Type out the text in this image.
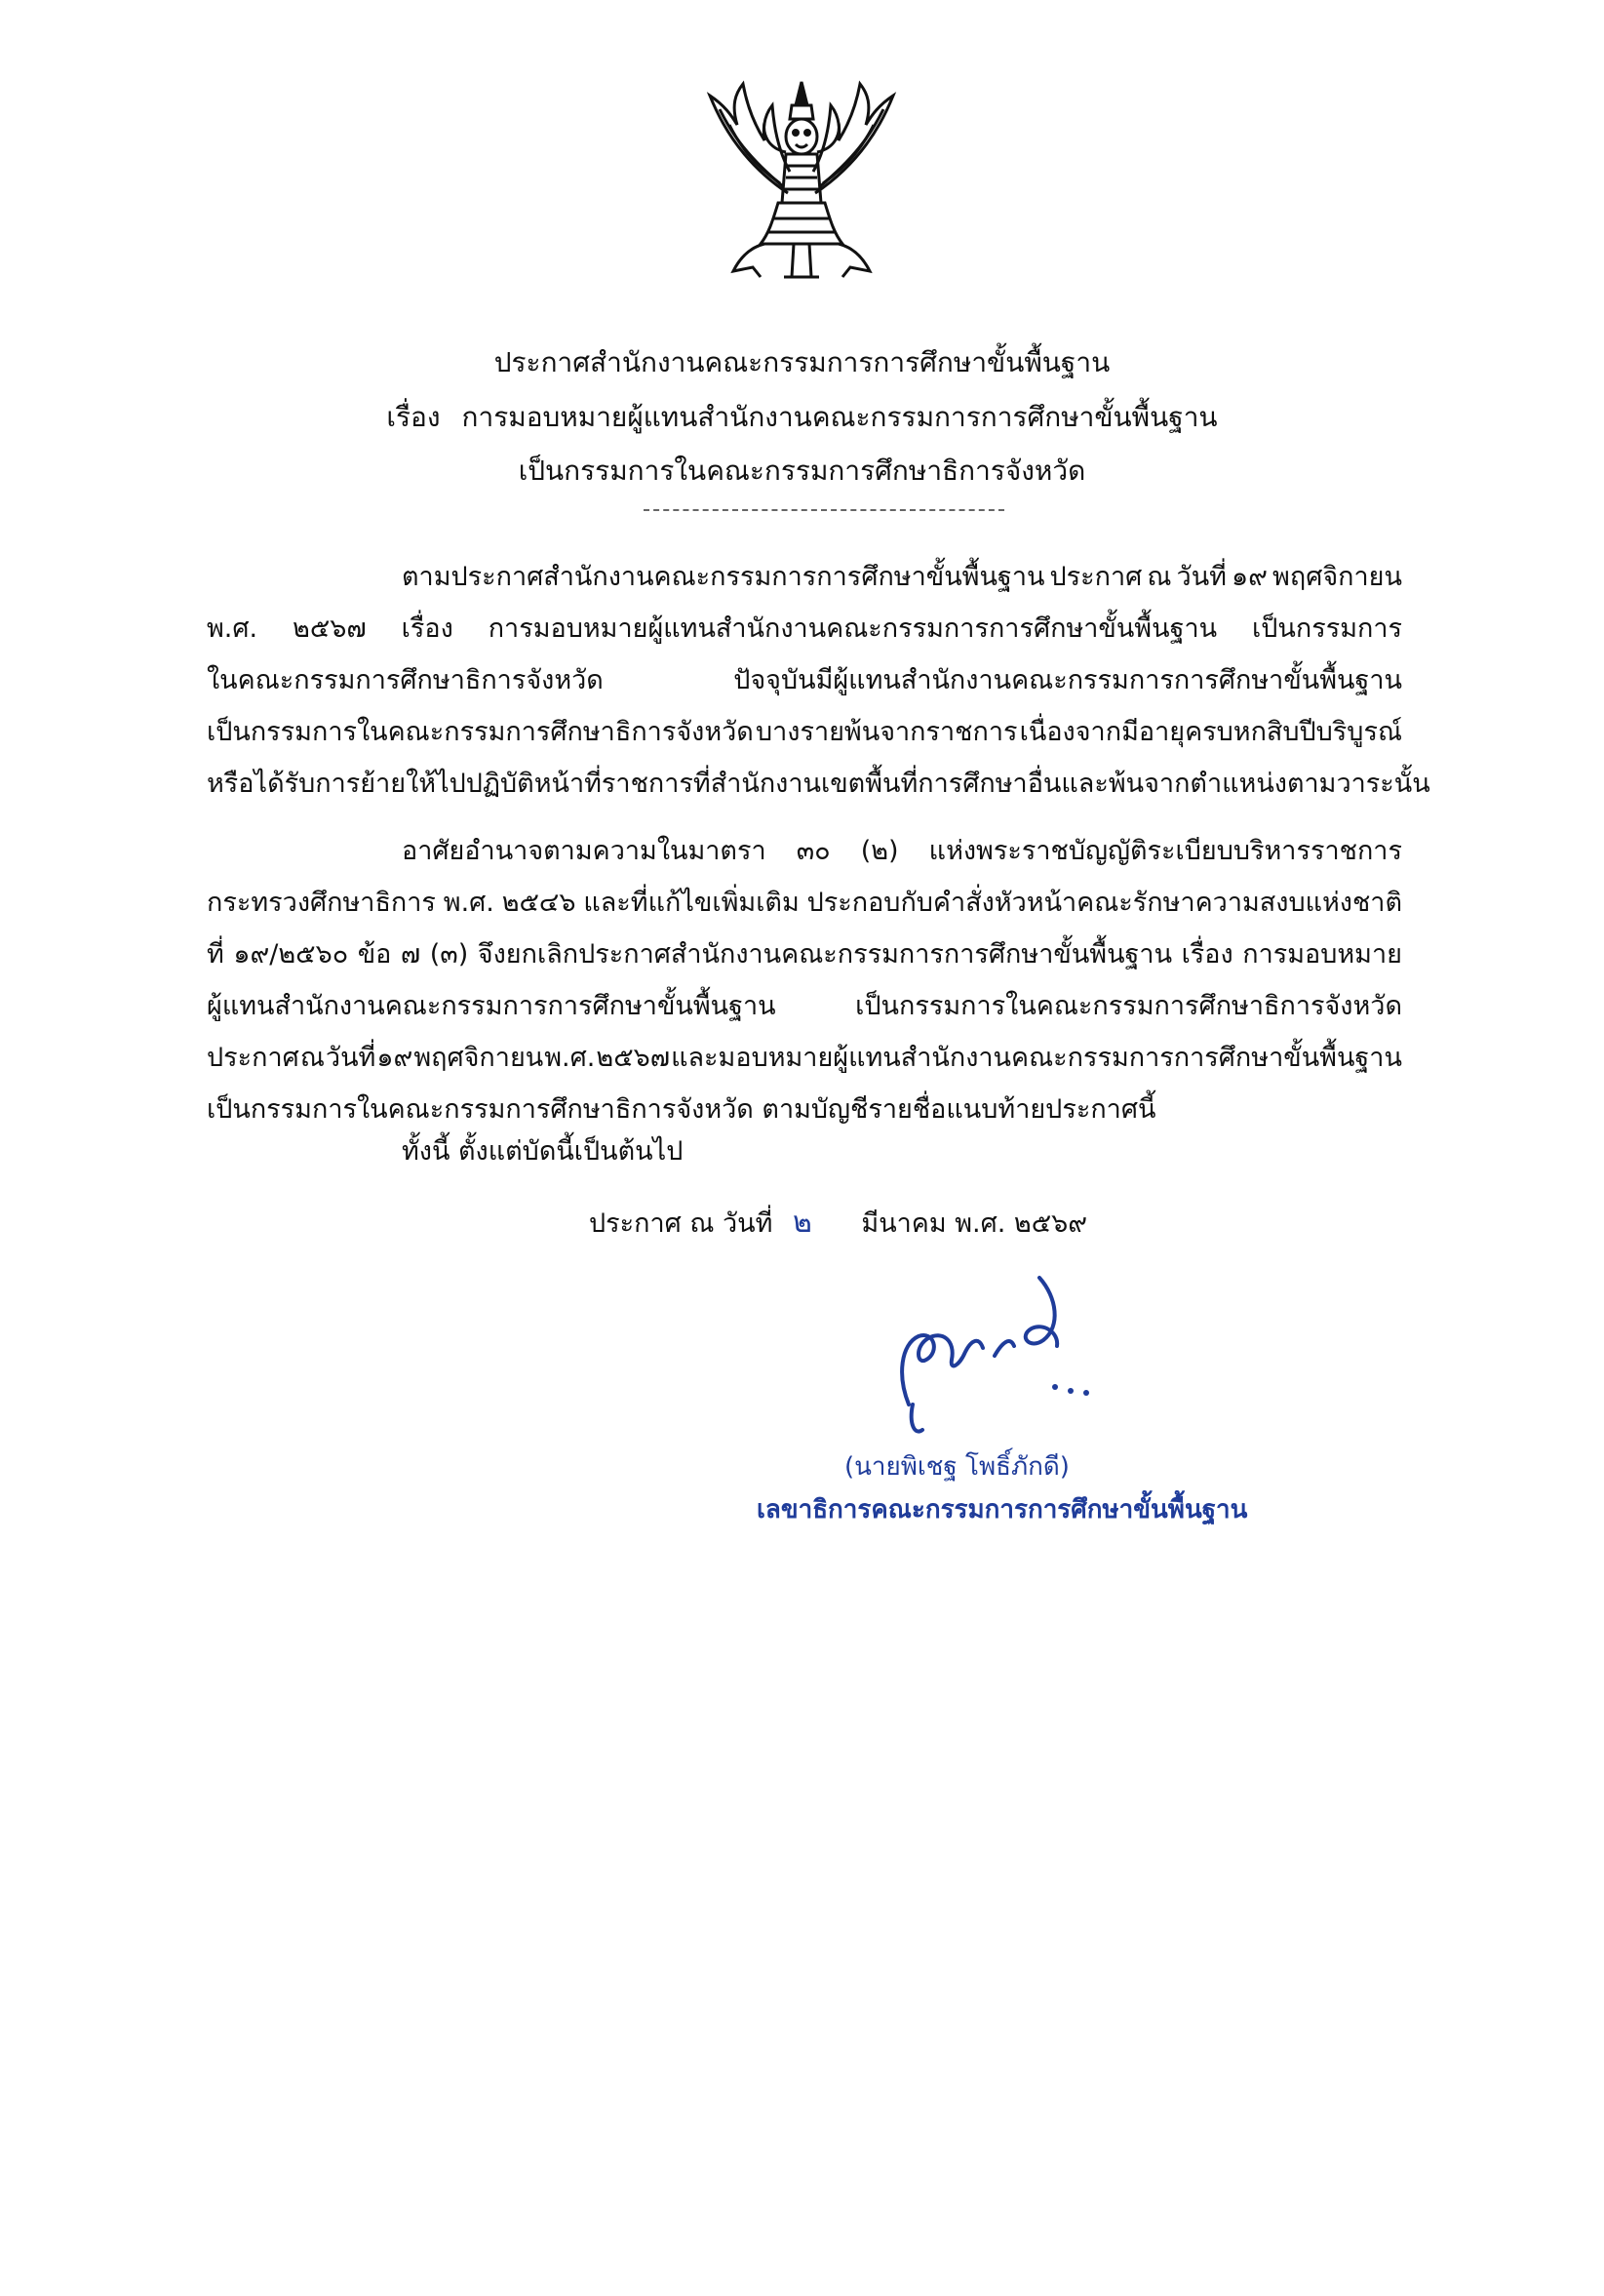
ประกาศสำนักงานคณะกรรมการการศึกษาขั้นพื้นฐาน
เรื่อง การมอบหมายผู้แทนสำนักงานคณะกรรมการการศึกษาขั้นพื้นฐาน
เป็นกรรมการในคณะกรรมการศึกษาธิการจังหวัด
ตามประกาศสำนักงานคณะกรรมการการศึกษาขั้นพื้นฐาน ประกาศ ณ วันที่ ๑๙ พฤศจิกายน
พ.ศ. ๒๕๖๗ เรื่อง การมอบหมายผู้แทนสำนักงานคณะกรรมการการศึกษาขั้นพื้นฐาน เป็นกรรมการ
ในคณะกรรมการศึกษาธิการจังหวัด	ปัจจุบันมีผู้แทนสำนักงานคณะกรรมการการศึกษาขั้นพื้นฐาน
เป็นกรรมการในคณะกรรมการศึกษาธิการจังหวัด บางรายพ้นจากราชการ เนื่องจากมีอายุครบหกสิบปีบริบูรณ์
หรือได้รับการย้ายให้ไปปฏิบัติหน้าที่ราชการที่สำนักงานเขตพื้นที่การศึกษาอื่น และพ้นจากตำแหน่งตามวาระ นั้น
อาศัยอำนาจตามความในมาตรา ๓๐ (๒) แห่งพระราชบัญญัติระเบียบบริหารราชการ
กระทรวงศึกษาธิการ พ.ศ. ๒๕๔๖ และที่แก้ไขเพิ่มเติม ประกอบกับคำสั่งหัวหน้าคณะรักษาความสงบแห่งชาติ
ที่ ๑๙/๒๕๖๐ ข้อ ๗ (๓) จึงยกเลิกประกาศสำนักงานคณะกรรมการการศึกษาขั้นพื้นฐาน เรื่อง การมอบหมาย
ผู้แทนสำนักงานคณะกรรมการการศึกษาขั้นพื้นฐาน	เป็นกรรมการในคณะกรรมการศึกษาธิการจังหวัด
ประกาศ ณ วันที่ ๑๙ พฤศจิกายน พ.ศ. ๒๕๖๗ และมอบหมายผู้แทนสำนักงานคณะกรรมการการศึกษาขั้นพื้นฐาน
เป็นกรรมการในคณะกรรมการศึกษาธิการจังหวัด ตามบัญชีรายชื่อแนบท้ายประกาศนี้
ทั้งนี้ ตั้งแต่บัดนี้เป็นต้นไป
ประกาศ ณ วันที่ ๒ มีนาคม พ.ศ. ๒๕๖๙
(นายพิเชฐ โพธิ์ภักดี)
เลขาธิการคณะกรรมการการศึกษาขั้นพื้นฐาน
